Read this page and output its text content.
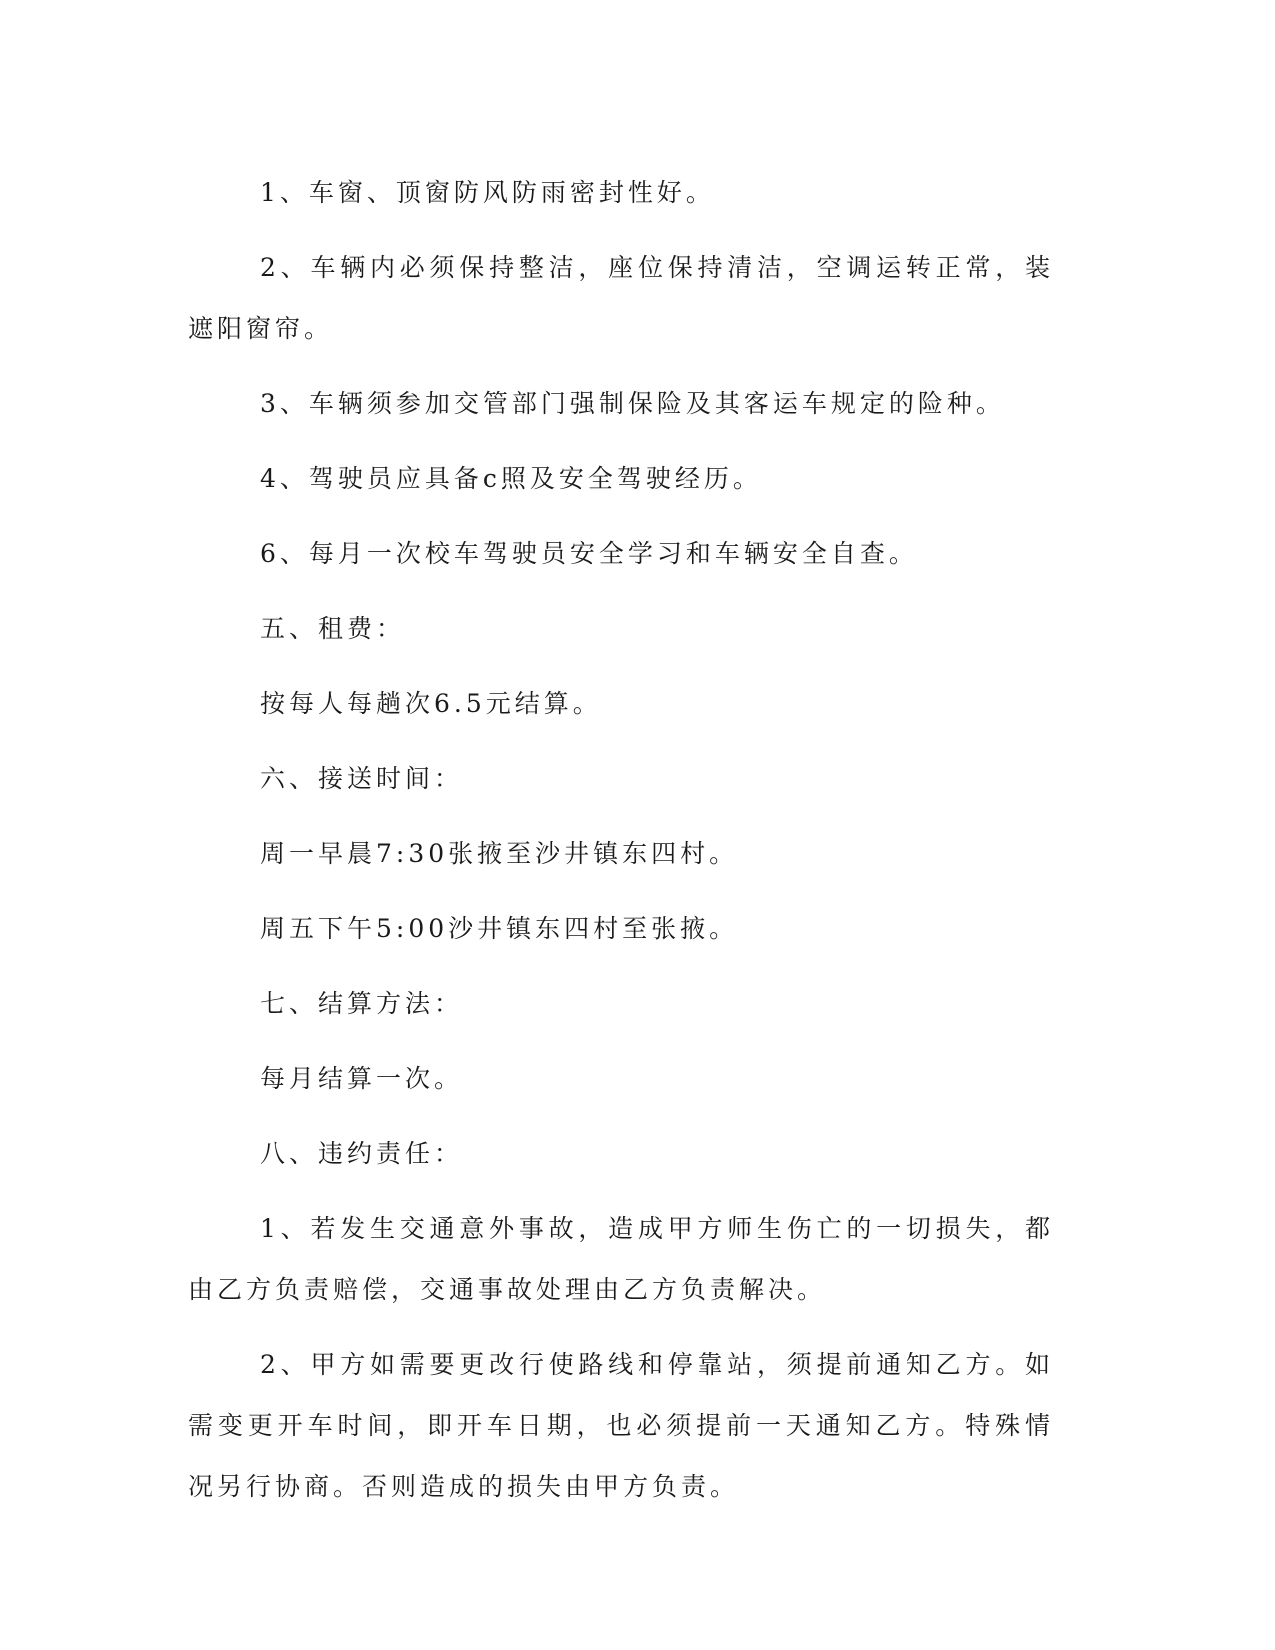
1、车窗、顶窗防风防雨密封性好。

2、车辆内必须保持整洁，座位保持清洁，空调运转正常，装遮阳窗帘。

3、车辆须参加交管部门强制保险及其客运车规定的险种。

4、驾驶员应具备c照及安全驾驶经历。

6、每月一次校车驾驶员安全学习和车辆安全自查。

五、租费：

按每人每趟次6.5元结算。

六、接送时间：

周一早晨7:30张掖至沙井镇东四村。

周五下午5:00沙井镇东四村至张掖。

七、结算方法：

每月结算一次。

八、违约责任：

1、若发生交通意外事故，造成甲方师生伤亡的一切损失，都由乙方负责赔偿，交通事故处理由乙方负责解决。

2、甲方如需要更改行使路线和停靠站，须提前通知乙方。如需变更开车时间，即开车日期，也必须提前一天通知乙方。特殊情况另行协商。否则造成的损失由甲方负责。
